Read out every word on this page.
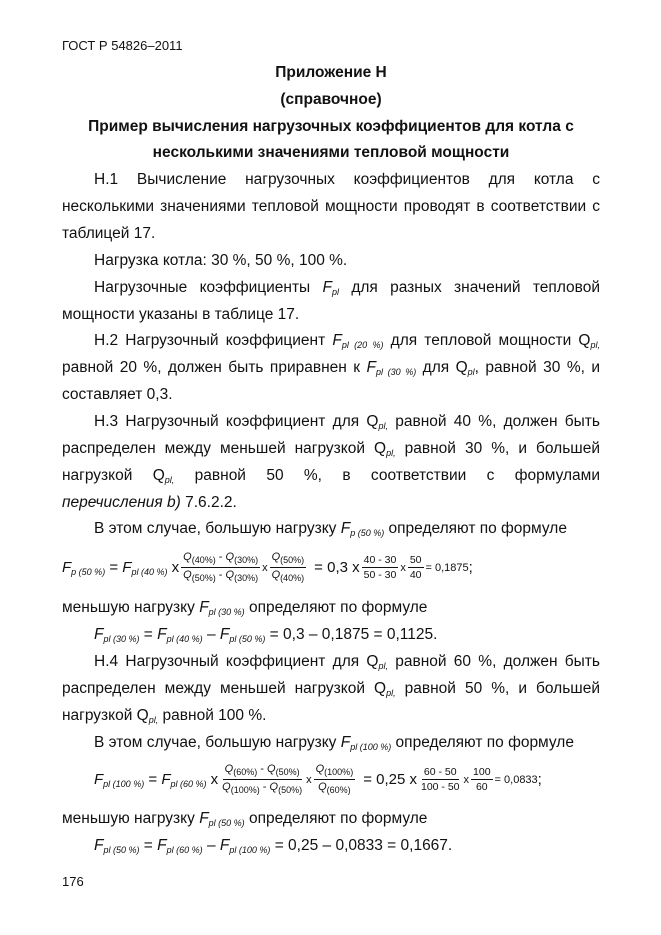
ГОСТ Р 54826–2011
Приложение Н
(справочное)
Пример вычисления нагрузочных коэффициентов для котла с
несколькими значениями тепловой мощности
Н.1 Вычисление нагрузочных коэффициентов для котла с
несколькими значениями тепловой мощности проводят в соответствии с
таблицей 17.
Нагрузка котла: 30 %, 50 %, 100 %.
Нагрузочные коэффициенты Fpl для разных значений тепловой
мощности указаны в таблице 17.
Н.2 Нагрузочный коэффициент Fpl (20 %) для тепловой мощности Qpl,
равной 20 %, должен быть приравнен к Fpl (30 %) для Qpl, равной 30 %, и
составляет 0,3.
Н.3 Нагрузочный коэффициент для Qpl, равной 40 %, должен быть
распределен между меньшей нагрузкой Qpl, равной 30 %, и большей
нагрузкой Qpl, равной 50 %, в соответствии с формулами
перечисления b) 7.6.2.2.
В этом случае, большую нагрузку Fp (50 %) определяют по формуле
$F_{p (50 \%)} = F_{pl (40 \%)}$ x $\frac{Q_{(40\%)} - Q_{(30\%)}}{Q_{(50\%)} - Q_{(30\%)}}$ x $\frac{Q_{(50\%)}}{Q_{(40\%)}} = 0,3$ x $\frac{40 - 30}{50 - 30}$ x $\frac{50}{40} = 0,1875$ ;
меньшую нагрузку Fpl (30 %) определяют по формуле
Fpl (30 %) = Fpl (40 %) – Fpl (50 %) = 0,3 – 0,1875 = 0,1125.
Н.4 Нагрузочный коэффициент для Qpl, равной 60 %, должен быть
распределен между меньшей нагрузкой Qpl, равной 50 %, и большей
нагрузкой Qpl, равной 100 %.
В этом случае, большую нагрузку Fpl (100 %) определяют по формуле
$F_{pl (100 \%)} = F_{pl (60 \%)}$ x $\frac{Q_{(60\%)} - Q_{(50\%)}}{Q_{(100\%)} - Q_{(50\%)}}$ x $\frac{Q_{(100\%)}}{Q_{(60\%)}} = 0,25$ x $\frac{60 - 50}{100 - 50}$ x $\frac{100}{60} = 0,0833$ ;
меньшую нагрузку Fpl (50 %) определяют по формуле
Fpl (50 %) = Fpl (60 %) – Fpl (100 %) = 0,25 – 0,0833 = 0,1667.
176
